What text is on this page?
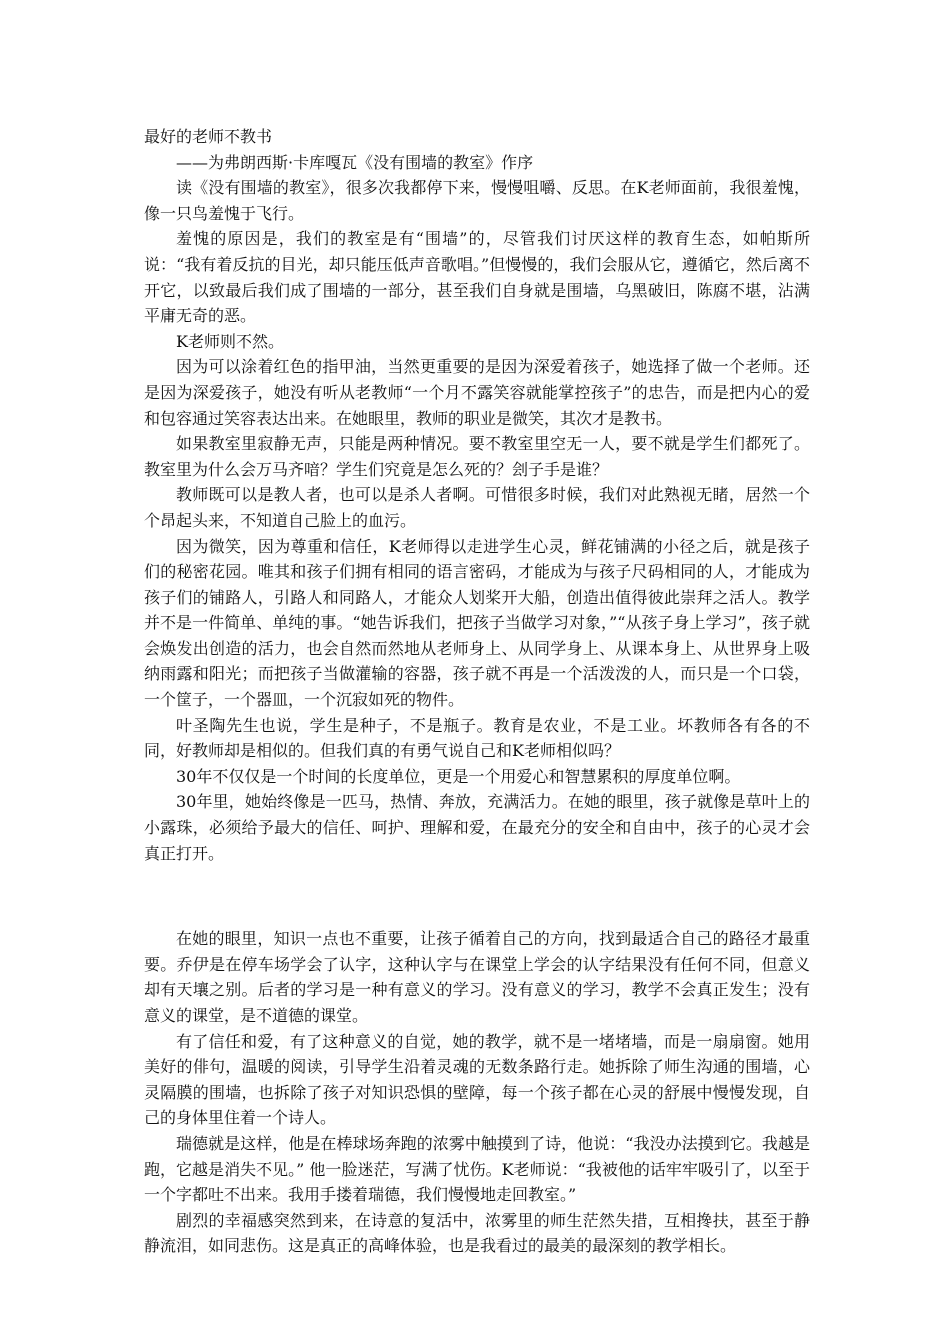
最好的老师不教书

——为弗朗西斯·卡库嘎瓦《没有围墙的教室》作序

读《没有围墙的教室》，很多次我都停下来，慢慢咀嚼、反思。在K老师面前，我很羞愧，像一只鸟羞愧于飞行。

羞愧的原因是，我们的教室是有“围墙”的，尽管我们讨厌这样的教育生态，如帕斯所说：“我有着反抗的目光，却只能压低声音歌唱。”但慢慢的，我们会服从它，遵循它，然后离不开它，以致最后我们成了围墙的一部分，甚至我们自身就是围墙，乌黑破旧，陈腐不堪，沾满平庸无奇的恶。

K老师则不然。

因为可以涂着红色的指甲油，当然更重要的是因为深爱着孩子，她选择了做一个老师。还是因为深爱孩子，她没有听从老教师“一个月不露笑容就能掌控孩子”的忠告，而是把内心的爱和包容通过笑容表达出来。在她眼里，教师的职业是微笑，其次才是教书。

如果教室里寂静无声，只能是两种情况。要不教室里空无一人，要不就是学生们都死了。教室里为什么会万马齐喑？学生们究竟是怎么死的？刽子手是谁？

教师既可以是教人者，也可以是杀人者啊。可惜很多时候，我们对此熟视无睹，居然一个个昂起头来，不知道自己脸上的血污。

因为微笑，因为尊重和信任，K老师得以走进学生心灵，鲜花铺满的小径之后，就是孩子们的秘密花园。唯其和孩子们拥有相同的语言密码，才能成为与孩子尺码相同的人，才能成为孩子们的铺路人，引路人和同路人，才能众人划桨开大船，创造出值得彼此崇拜之活人。教学并不是一件简单、单纯的事。“她告诉我们，把孩子当做学习对象，”“从孩子身上学习”，孩子就会焕发出创造的活力，也会自然而然地从老师身上、从同学身上、从课本身上、从世界身上吸纳雨露和阳光；而把孩子当做灌输的容器，孩子就不再是一个活泼泼的人，而只是一个口袋，一个筐子，一个器皿，一个沉寂如死的物件。

叶圣陶先生也说，学生是种子，不是瓶子。教育是农业，不是工业。坏教师各有各的不同，好教师却是相似的。但我们真的有勇气说自己和K老师相似吗？

30年不仅仅是一个时间的长度单位，更是一个用爱心和智慧累积的厚度单位啊。

30年里，她始终像是一匹马，热情、奔放，充满活力。在她的眼里，孩子就像是草叶上的小露珠，必须给予最大的信任、呵护、理解和爱，在最充分的安全和自由中，孩子的心灵才会真正打开。

在她的眼里，知识一点也不重要，让孩子循着自己的方向，找到最适合自己的路径才最重要。乔伊是在停车场学会了认字，这种认字与在课堂上学会的认字结果没有任何不同，但意义却有天壤之别。后者的学习是一种有意义的学习。没有意义的学习，教学不会真正发生；没有意义的课堂，是不道德的课堂。

有了信任和爱，有了这种意义的自觉，她的教学，就不是一堵堵墙，而是一扇扇窗。她用美好的俳句，温暖的阅读，引导学生沿着灵魂的无数条路行走。她拆除了师生沟通的围墙，心灵隔膜的围墙，也拆除了孩子对知识恐惧的壁障，每一个孩子都在心灵的舒展中慢慢发现，自己的身体里住着一个诗人。

瑞德就是这样，他是在棒球场奔跑的浓雾中触摸到了诗，他说：“我没办法摸到它。我越是跑，它越是消失不见。” 他一脸迷茫，写满了忧伤。K老师说：“我被他的话牢牢吸引了，以至于一个字都吐不出来。我用手搂着瑞德，我们慢慢地走回教室。”

剧烈的幸福感突然到来，在诗意的复活中，浓雾里的师生茫然失措，互相搀扶，甚至于静静流泪，如同悲伤。这是真正的高峰体验，也是我看过的最美的最深刻的教学相长。
